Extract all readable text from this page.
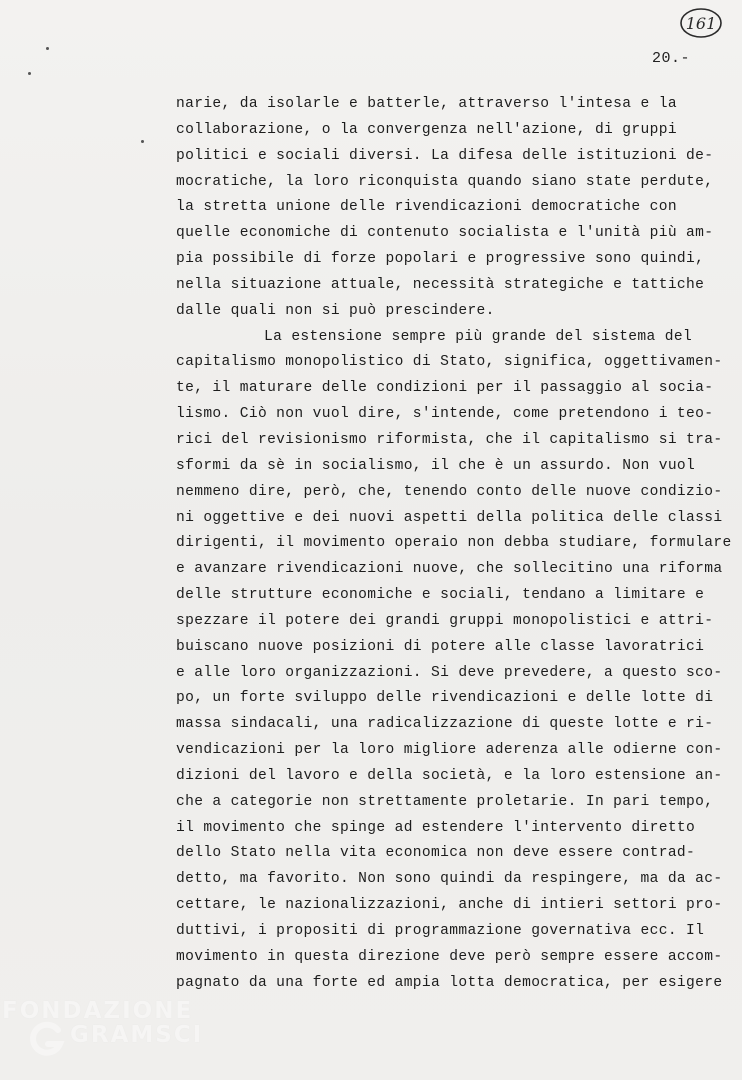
161
20.-
narie, da isolarle e batterle, attraverso l'intesa e la
collaborazione, o la convergenza nell'azione, di gruppi
politici e sociali diversi. La difesa delle istituzioni de-
mocratiche, la loro riconquista quando siano state perdute,
la stretta unione delle rivendicazioni democratiche con
quelle economiche di contenuto socialista e l'unità più am-
pia possibile di forze popolari e progressive sono quindi,
nella situazione attuale, necessità strategiche e tattiche
dalle quali non si può prescindere.
La estensione sempre più grande del sistema del
capitalismo monopolistico di Stato, significa, oggettivamen-
te, il maturare delle condizioni per il passaggio al socia-
lismo. Ciò non vuol dire, s'intende, come pretendono i teo-
rici del revisionismo riformista, che il capitalismo si tra-
sformi da sè in socialismo, il che è un assurdo. Non vuol
nemmeno dire, però, che, tenendo conto delle nuove condizio-
ni oggettive e dei nuovi aspetti della politica delle classi
dirigenti, il movimento operaio non debba studiare, formulare
e avanzare rivendicazioni nuove, che sollecitino una riforma
delle strutture economiche e sociali, tendano a limitare e
spezzare il potere dei grandi gruppi monopolistici e attri-
buiscano nuove posizioni di potere alle classe lavoratrici
e alle loro organizzazioni. Si deve prevedere, a questo sco-
po, un forte sviluppo delle rivendicazioni e delle lotte di
massa sindacali, una radicalizzazione di queste lotte e ri-
vendicazioni per la loro migliore aderenza alle odierne con-
dizioni del lavoro e della società, e la loro estensione an-
che a categorie non strettamente proletarie. In pari tempo,
il movimento che spinge ad estendere l'intervento diretto
dello Stato nella vita economica non deve essere contrad-
detto, ma favorito. Non sono quindi da respingere, ma da ac-
cettare, le nazionalizzazioni, anche di intieri settori pro-
duttivi, i propositi di programmazione governativa ecc. Il
movimento in questa direzione deve però sempre essere accom-
pagnato da una forte ed ampia lotta democratica, per esigere
FONDAZIONE
GRAMSCI
